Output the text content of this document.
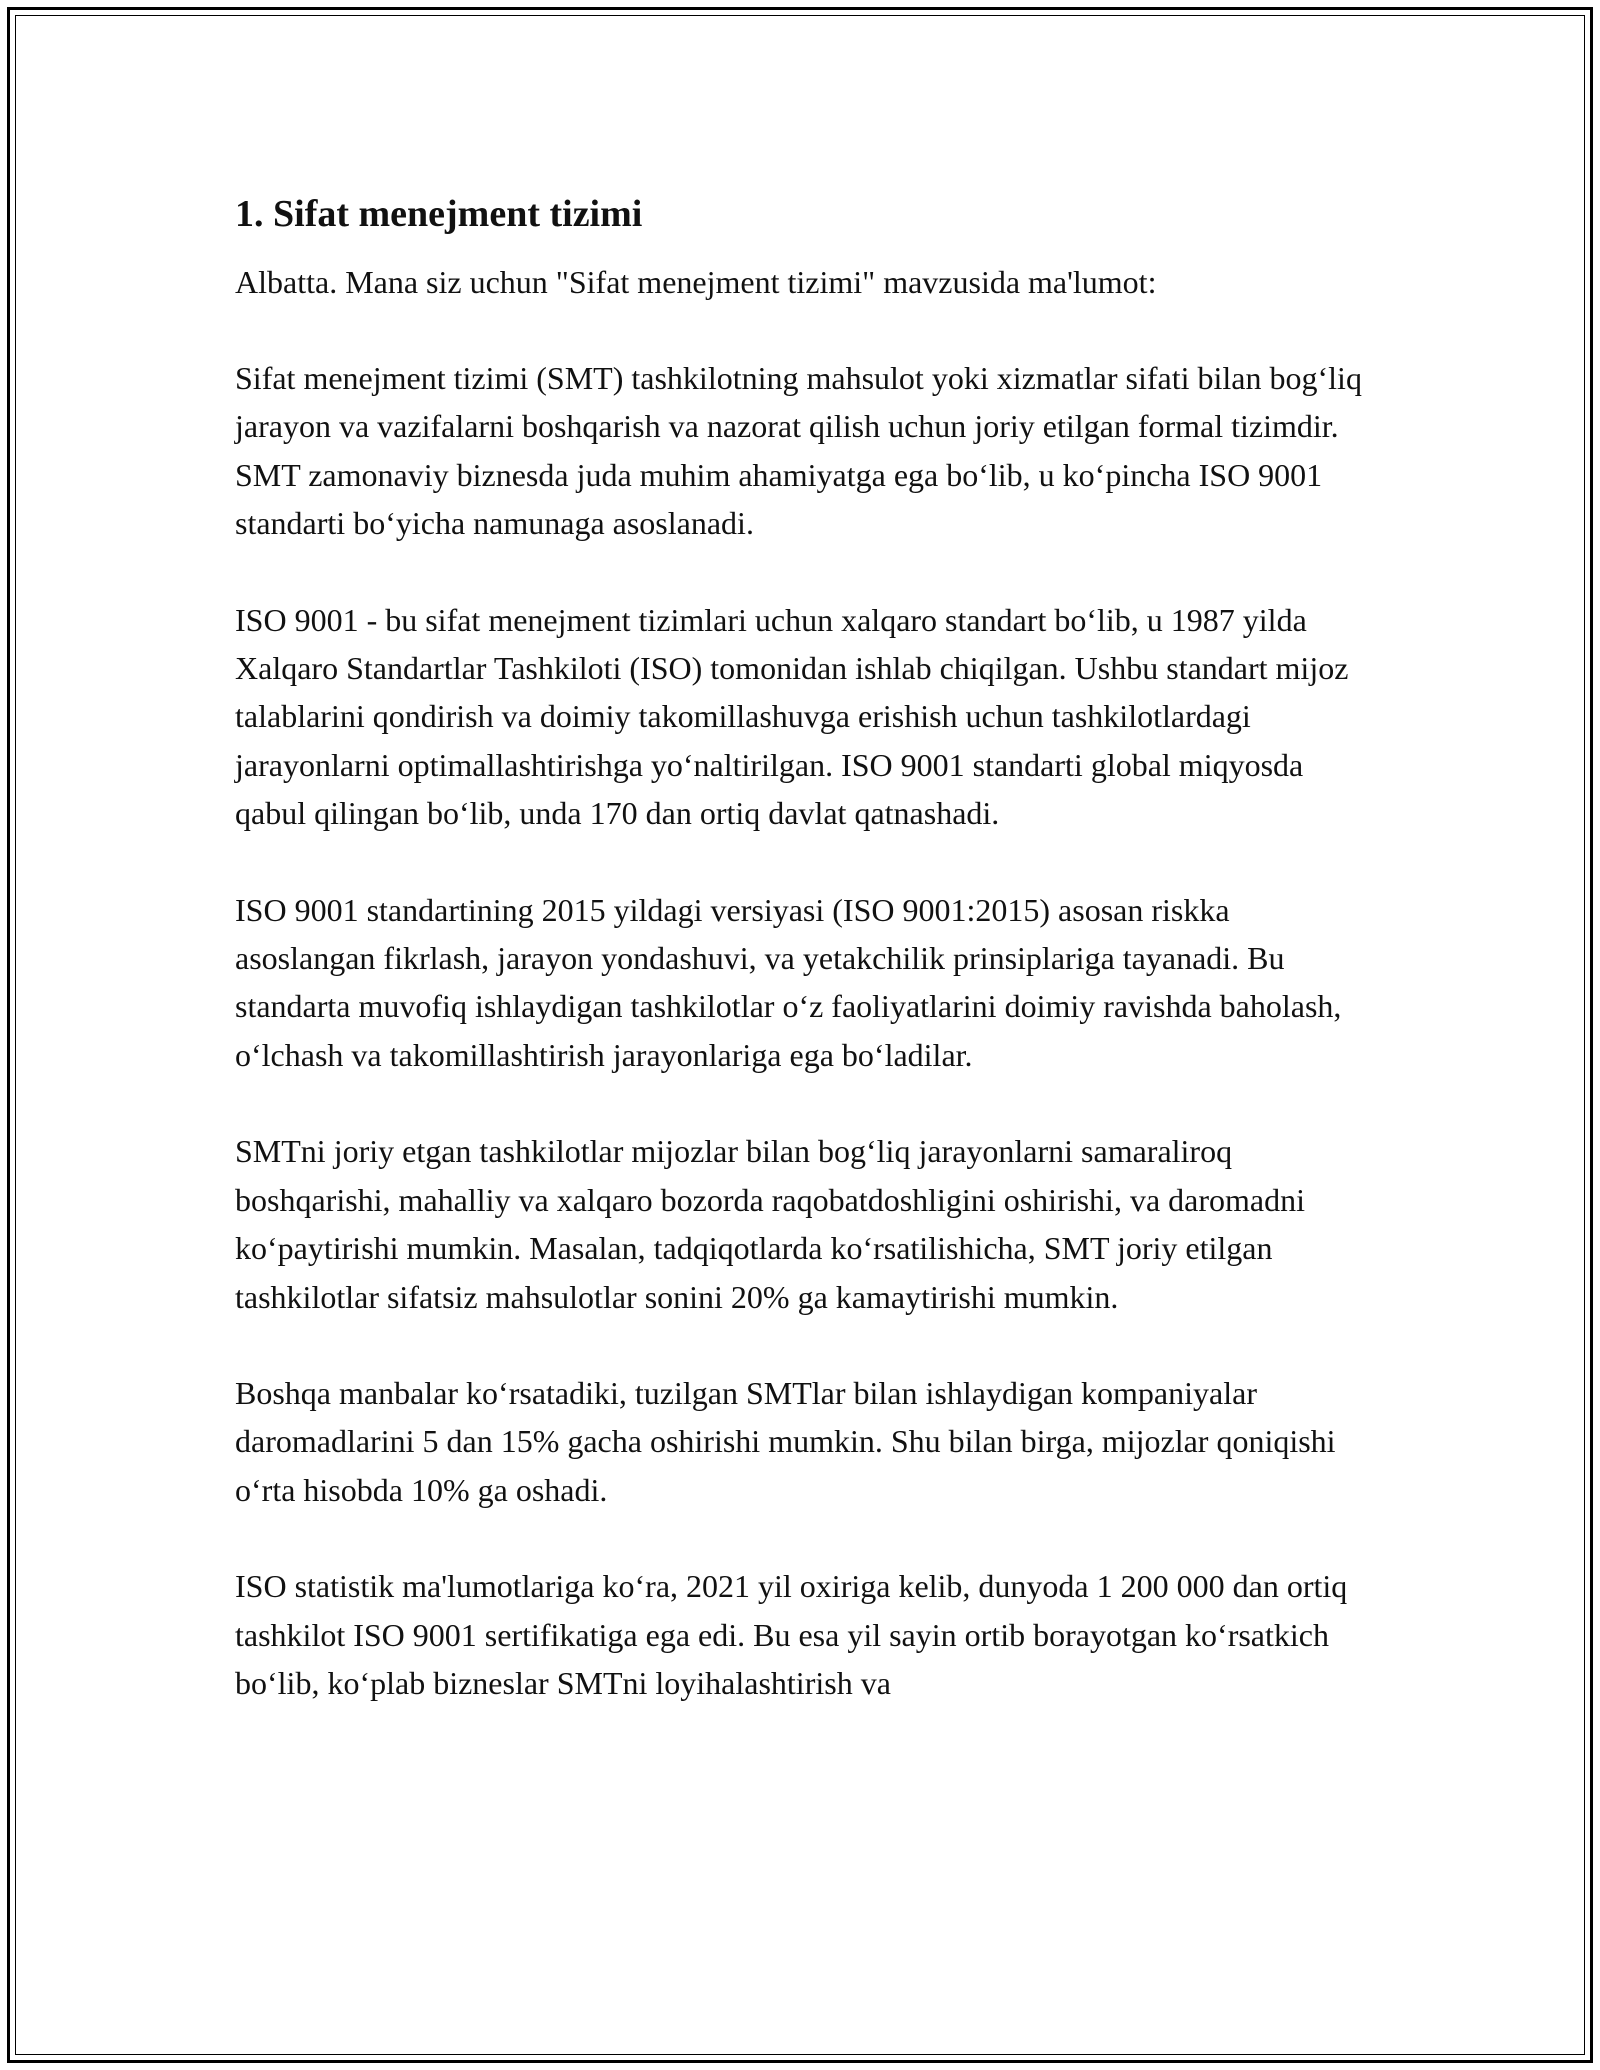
1. Sifat menejment tizimi

Albatta. Mana siz uchun "Sifat menejment tizimi" mavzusida ma'lumot:

Sifat menejment tizimi (SMT) tashkilotning mahsulot yoki xizmatlar sifati bilan bog‘liq jarayon va vazifalarni boshqarish va nazorat qilish uchun joriy etilgan formal tizimdir. SMT zamonaviy biznesda juda muhim ahamiyatga ega bo‘lib, u ko‘pincha ISO 9001 standarti bo‘yicha namunaga asoslanadi.

ISO 9001 - bu sifat menejment tizimlari uchun xalqaro standart bo‘lib, u 1987 yilda Xalqaro Standartlar Tashkiloti (ISO) tomonidan ishlab chiqilgan. Ushbu standart mijoz talablarini qondirish va doimiy takomillashuvga erishish uchun tashkilotlardagi jarayonlarni optimallashtirishga yo‘naltirilgan. ISO 9001 standarti global miqyosda qabul qilingan bo‘lib, unda 170 dan ortiq davlat qatnashadi.

ISO 9001 standartining 2015 yildagi versiyasi (ISO 9001:2015) asosan riskka asoslangan fikrlash, jarayon yondashuvi, va yetakchilik prinsiplariga tayanadi. Bu standarta muvofiq ishlaydigan tashkilotlar o‘z faoliyatlarini doimiy ravishda baholash, o‘lchash va takomillashtirish jarayonlariga ega bo‘ladilar.

SMTni joriy etgan tashkilotlar mijozlar bilan bog‘liq jarayonlarni samaraliroq boshqarishi, mahalliy va xalqaro bozorda raqobatdoshligini oshirishi, va daromadni ko‘paytirishi mumkin. Masalan, tadqiqotlarda ko‘rsatilishicha, SMT joriy etilgan tashkilotlar sifatsiz mahsulotlar sonini 20% ga kamaytirishi mumkin.

Boshqa manbalar ko‘rsatadiki, tuzilgan SMTlar bilan ishlaydigan kompaniyalar daromadlarini 5 dan 15% gacha oshirishi mumkin. Shu bilan birga, mijozlar qoniqishi o‘rta hisobda 10% ga oshadi.

ISO statistik ma'lumotlariga ko‘ra, 2021 yil oxiriga kelib, dunyoda 1 200 000 dan ortiq tashkilot ISO 9001 sertifikatiga ega edi. Bu esa yil sayin ortib borayotgan ko‘rsatkich bo‘lib, ko‘plab bizneslar SMTni loyihalashtirish va
